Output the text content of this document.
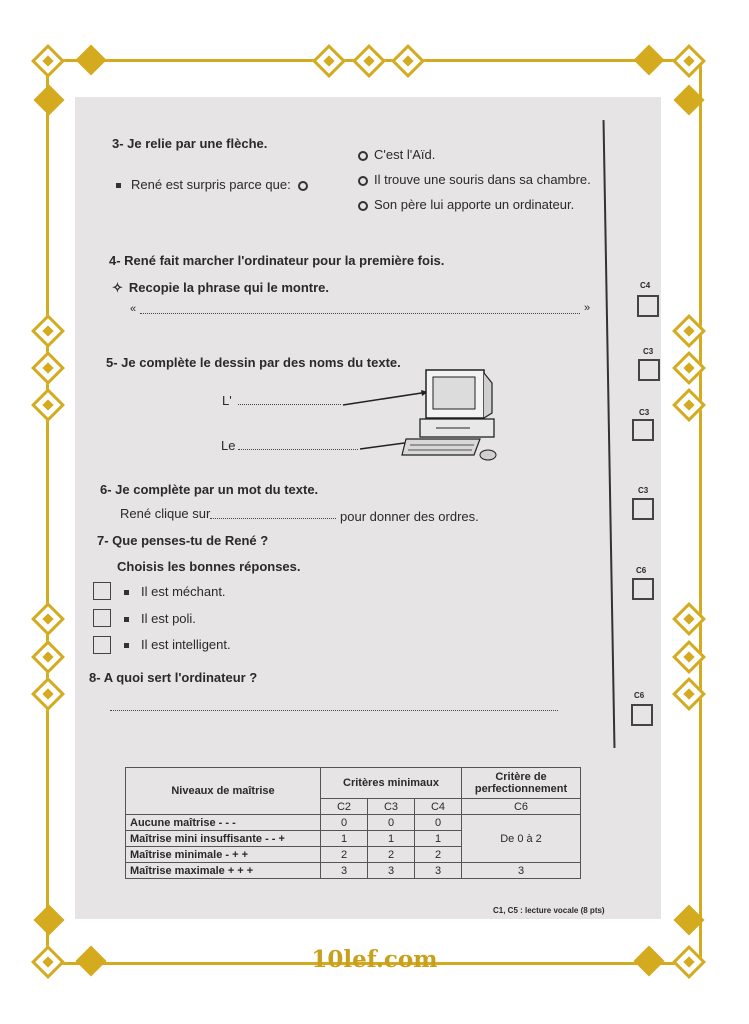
10lef.com
3- Je relie par une flèche.
René est surpris parce que:
C'est l'Aïd.
Il trouve une souris dans sa chambre.
Son père lui apporte un ordinateur.
4- René fait marcher l'ordinateur pour la première fois.
✧ Recopie la phrase qui le montre.
«	»
5- Je complète le dessin par des noms du texte.
L'
Le
6- Je complète par un mot du texte.
René clique sur	pour donner des ordres.
7- Que penses-tu de René ?
Choisis les bonnes réponses.
Il est méchant.
Il est poli.
Il est intelligent.
8- A quoi sert l'ordinateur ?
C4
C3
C3
C3
C6
C6
Niveaux de maîtrise	Critères minimaux			Critère de perfectionnement
	C2	C3	C4	C6
Aucune maîtrise - - -	0	0	0	De 0 à 2
Maîtrise mini insuffisante - - +	1	1	1	
Maîtrise minimale - + +	2	2	2	
Maîtrise maximale + + +	3	3	3	3
C1, C5 : lecture vocale (8 pts)
